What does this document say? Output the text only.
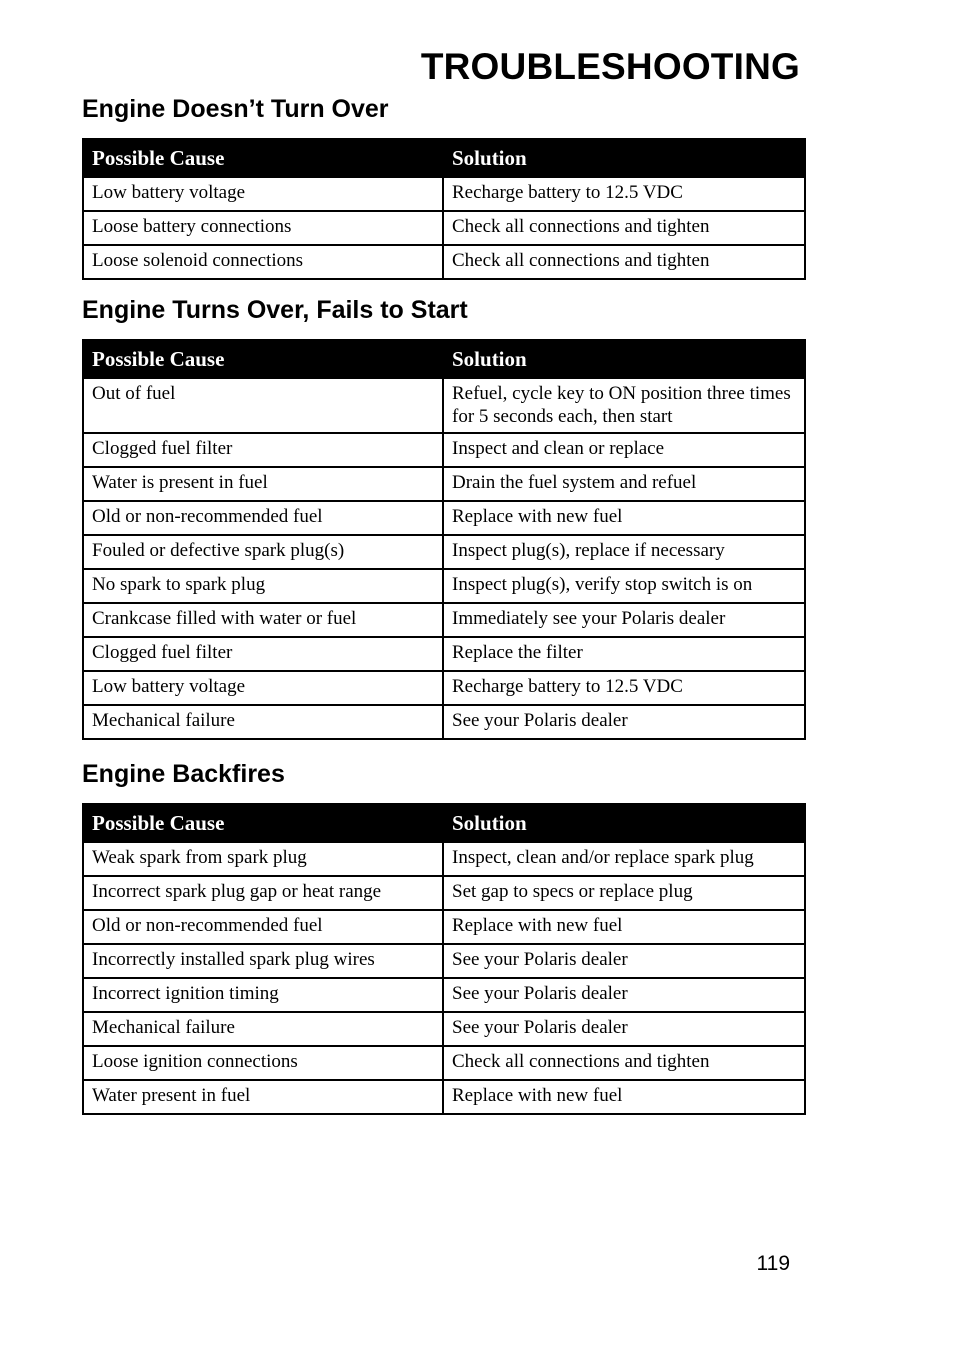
TROUBLESHOOTING
Engine Doesn’t Turn Over
Possible Cause	Solution
Low battery voltage	Recharge battery to 12.5 VDC
Loose battery connections	Check all connections and tighten
Loose solenoid connections	Check all connections and tighten
Engine Turns Over, Fails to Start
Possible Cause	Solution
Out of fuel	Refuel, cycle key to ON position three times for 5 seconds each, then start
Clogged fuel filter	Inspect and clean or replace
Water is present in fuel	Drain the fuel system and refuel
Old or non-recommended fuel	Replace with new fuel
Fouled or defective spark plug(s)	Inspect plug(s), replace if necessary
No spark to spark plug	Inspect plug(s), verify stop switch is on
Crankcase filled with water or fuel	Immediately see your Polaris dealer
Clogged fuel filter	Replace the filter
Low battery voltage	Recharge battery to 12.5 VDC
Mechanical failure	See your Polaris dealer
Engine Backfires
Possible Cause	Solution
Weak spark from spark plug	Inspect, clean and/or replace spark plug
Incorrect spark plug gap or heat range	Set gap to specs or replace plug
Old or non-recommended fuel	Replace with new fuel
Incorrectly installed spark plug wires	See your Polaris dealer
Incorrect ignition timing	See your Polaris dealer
Mechanical failure	See your Polaris dealer
Loose ignition connections	Check all connections and tighten
Water present in fuel	Replace with new fuel
119
